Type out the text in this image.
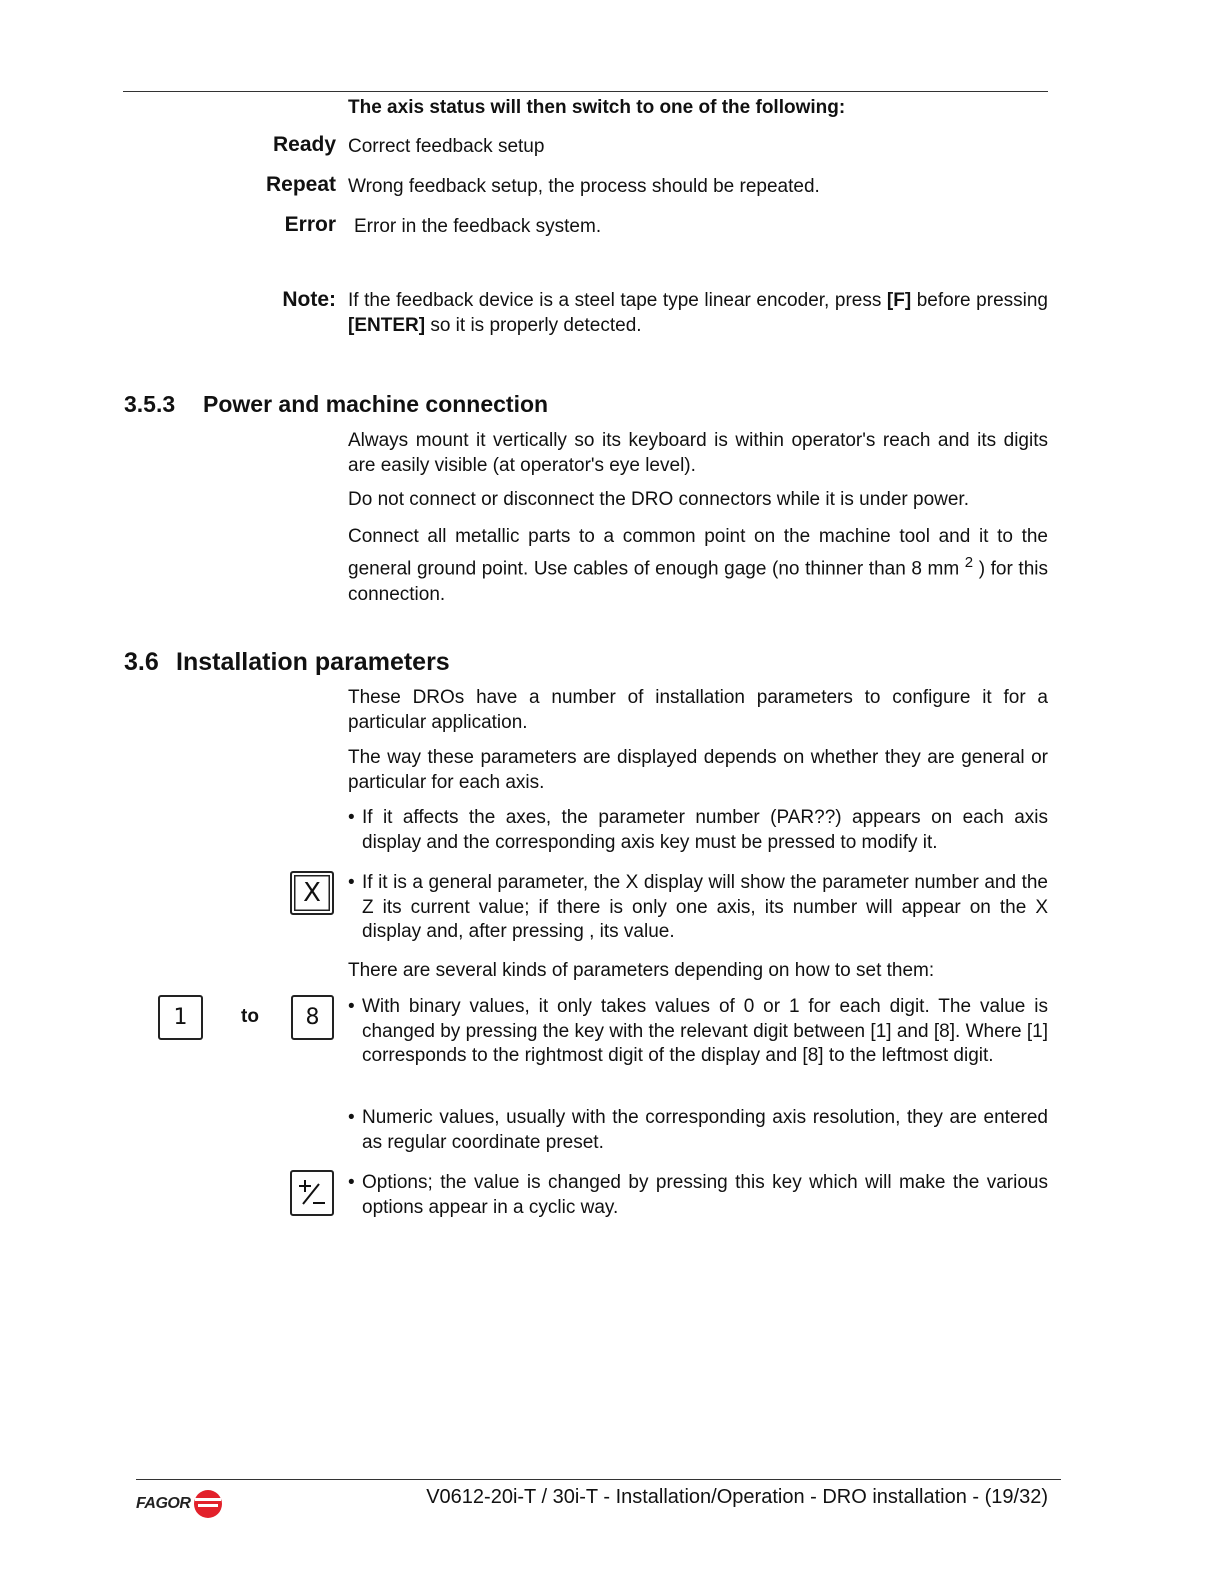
The axis status will then switch to one of the following:
Ready Correct feedback setup
Repeat Wrong feedback setup, the process should be repeated.
Error Error in the feedback system.
Note: If the feedback device is a steel tape type linear encoder, press [F] before pressing [ENTER] so it is properly detected.
3.5.3 Power and machine connection
Always mount it vertically so its keyboard is within operator's reach and its digits are easily visible (at operator's eye level).
Do not connect or disconnect the DRO connectors while it is under power.
Connect all metallic parts to a common point on the machine tool and it to the general ground point. Use cables of enough gage (no thinner than 8 mm $^2$ ) for this connection.
3.6 Installation parameters
These DROs have a number of installation parameters to configure it for a particular application.
The way these parameters are displayed depends on whether they are general or particular for each axis.
• If it affects the axes, the parameter number (PAR??) appears on each axis display and the corresponding axis key must be pressed to modify it.
X • If it is a general parameter, the X display will show the parameter number and the Z its current value; if there is only one axis, its number will appear on the X display and, after pressing , its value.
There are several kinds of parameters depending on how to set them:
1	to 8 • With binary values, it only takes values of 0 or 1 for each digit. The value is changed by pressing the key with the relevant digit between [1] and [8]. Where [1] corresponds to the rightmost digit of the display and [8] to the leftmost digit.
• Numeric values, usually with the corresponding axis resolution, they are entered as regular coordinate preset.
• Options; the value is changed by pressing this key which will make the various options appear in a cyclic way.
FAGOR	V0612-20i-T / 30i-T - Installation/Operation - DRO installation - (19/32)
